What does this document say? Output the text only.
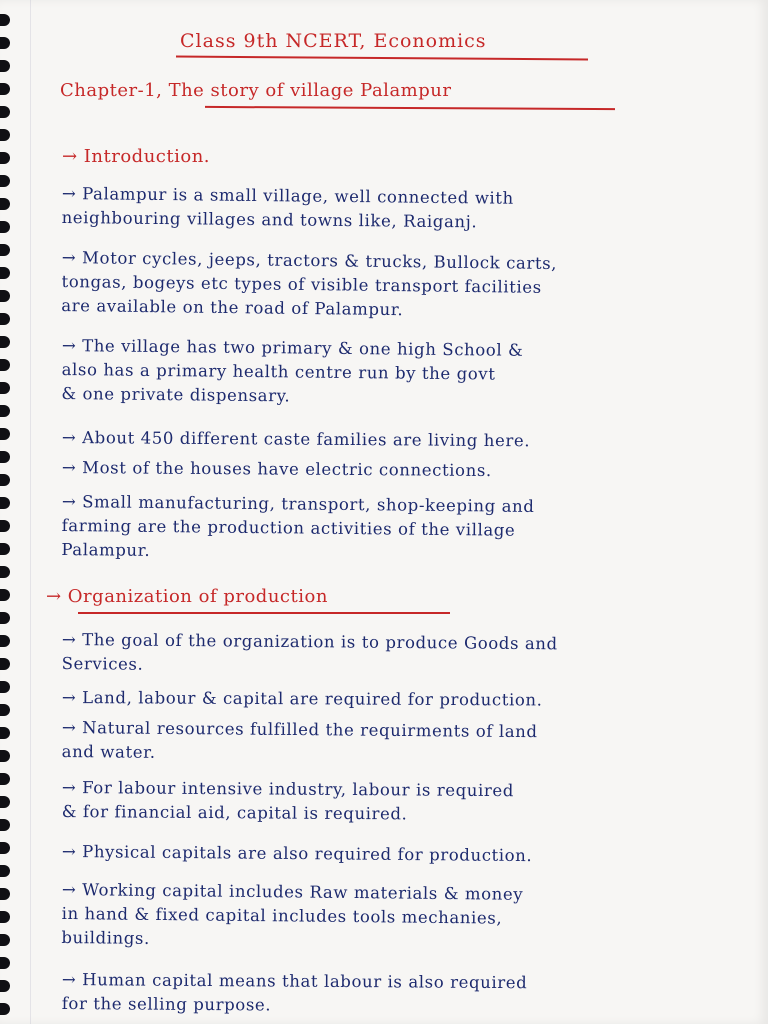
Class 9th NCERT, Economics
Chapter-1, The story of village Palampur
→ Introduction.
→ Palampur is a small village, well connected with
neighbouring villages and towns like, Raiganj.
→ Motor cycles, jeeps, tractors & trucks, Bullock carts,
tongas, bogeys etc types of visible transport facilities
are available on the road of Palampur.
→ The village has two primary & one high School &
also has a primary health centre run by the govt
& one private dispensary.
→ About 450 different caste families are living here.
→ Most of the houses have electric connections.
→ Small manufacturing, transport, shop-keeping and
farming are the production activities of the village
Palampur.
→ Organization of production
→ The goal of the organization is to produce Goods and
Services.
→ Land, labour & capital are required for production.
→ Natural resources fulfilled the requirments of land
and water.
→ For labour intensive industry, labour is required
& for financial aid, capital is required.
→ Physical capitals are also required for production.
→ Working capital includes Raw materials & money
in hand & fixed capital includes tools mechanies,
buildings.
→ Human capital means that labour is also required
for the selling purpose.
